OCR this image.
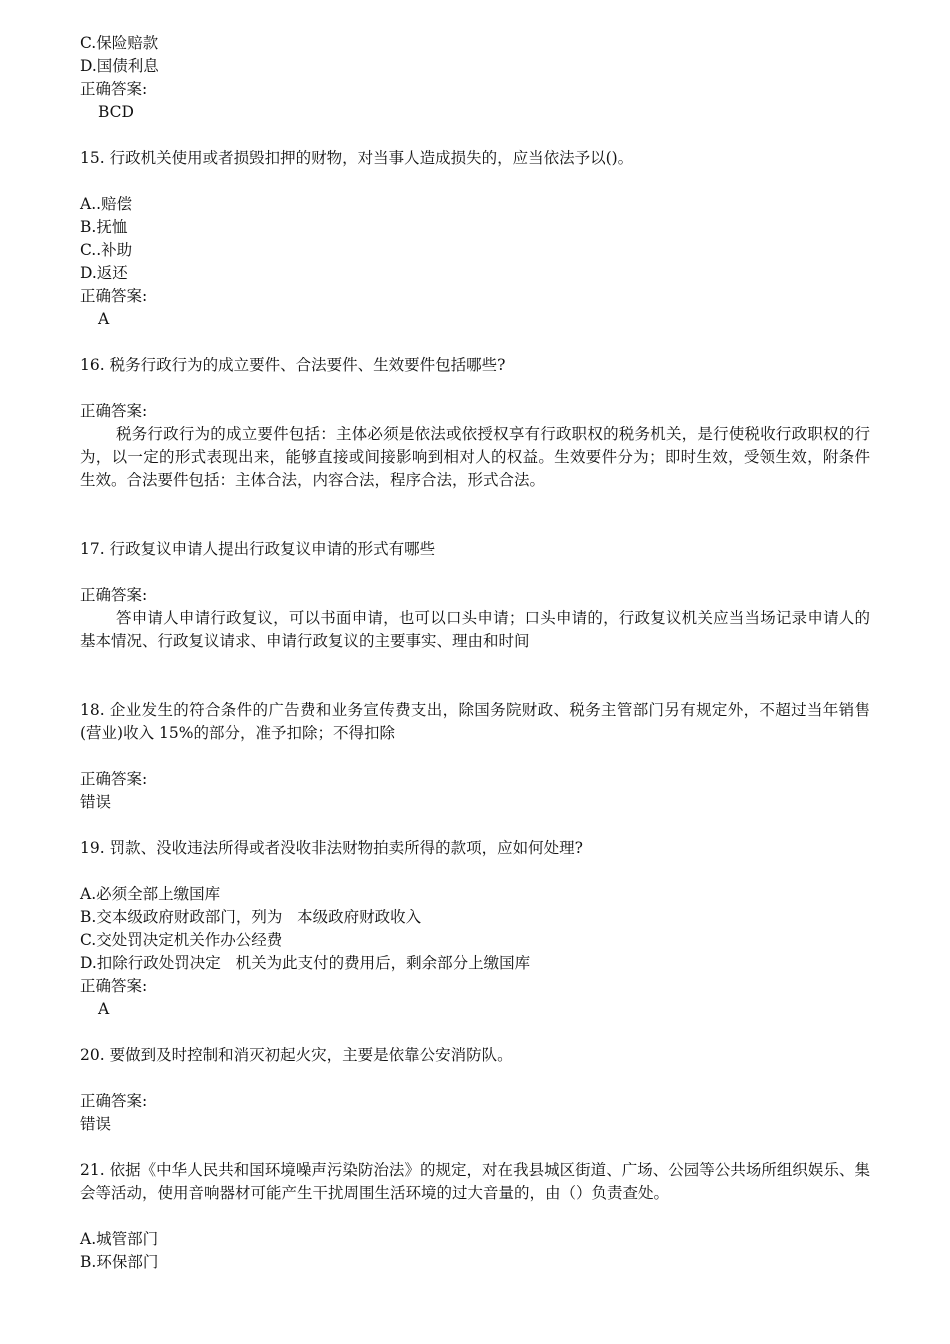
C.保险赔款
D.国债利息
正确答案:
BCD
15. 行政机关使用或者损毁扣押的财物，对当事人造成损失的，应当依法予以()。
A..赔偿
B.抚恤
C..补助
D.返还
正确答案:
A
16. 税务行政行为的成立要件、合法要件、生效要件包括哪些?
正确答案:
税务行政行为的成立要件包括：主体必须是依法或依授权享有行政职权的税务机关，是行使税收行政职权的行为，以一定的形式表现出来，能够直接或间接影响到相对人的权益。生效要件分为；即时生效，受领生效，附条件生效。合法要件包括：主体合法，内容合法，程序合法，形式合法。
17. 行政复议申请人提出行政复议申请的形式有哪些
正确答案:
答申请人申请行政复议，可以书面申请，也可以口头申请；口头申请的，行政复议机关应当当场记录申请人的基本情况、行政复议请求、申请行政复议的主要事实、理由和时间
18. 企业发生的符合条件的广告费和业务宣传费支出，除国务院财政、税务主管部门另有规定外，不超过当年销售(营业)收入 15%的部分，准予扣除；不得扣除
正确答案:
错误
19. 罚款、没收违法所得或者没收非法财物拍卖所得的款项，应如何处理?
A.必须全部上缴国库
B.交本级政府财政部门，列为   本级政府财政收入
C.交处罚决定机关作办公经费
D.扣除行政处罚决定   机关为此支付的费用后，剩余部分上缴国库
正确答案:
A
20. 要做到及时控制和消灭初起火灾，主要是依靠公安消防队。
正确答案:
错误
21. 依据《中华人民共和国环境噪声污染防治法》的规定，对在我县城区街道、广场、公园等公共场所组织娱乐、集会等活动，使用音响器材可能产生干扰周围生活环境的过大音量的，由（）负责查处。
A.城管部门
B.环保部门
